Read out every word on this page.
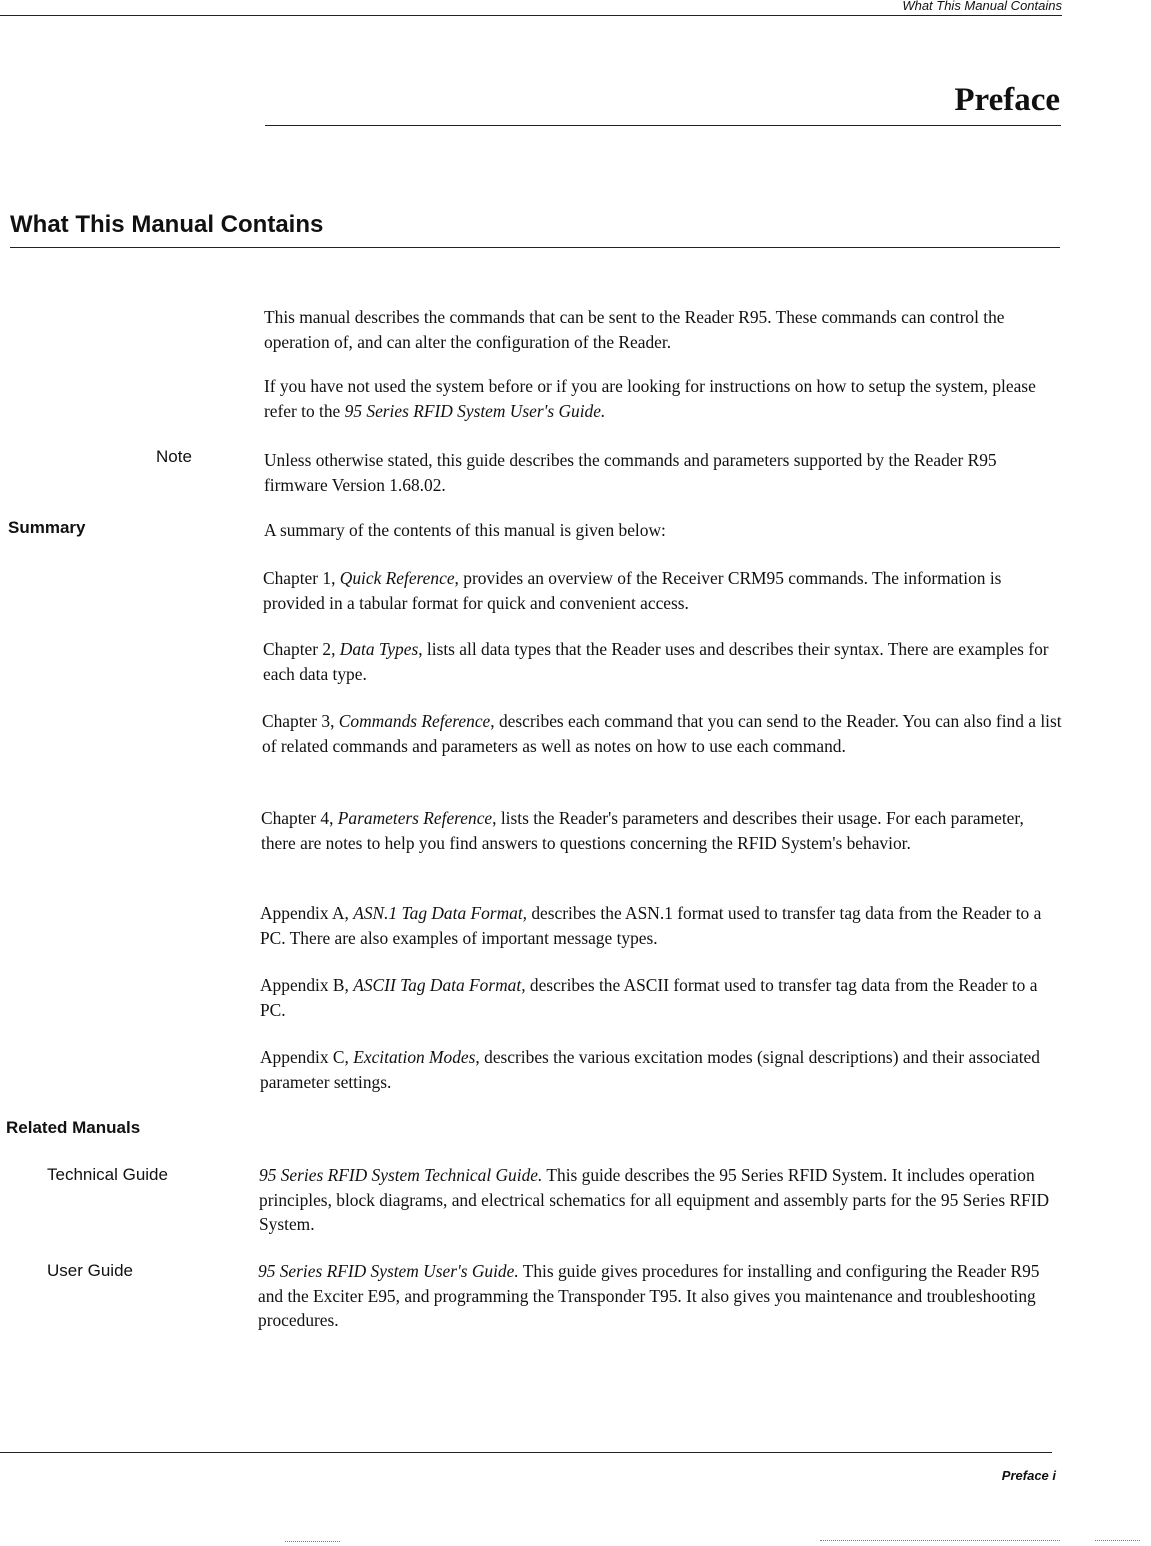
What This Manual Contains
Preface
What This Manual Contains
This manual describes the commands that can be sent to the Reader R95. These commands can control the operation of, and can alter the configuration of the Reader.
If you have not used the system before or if you are looking for instructions on how to setup the system, please refer to the 95 Series RFID System User's Guide.
Note	Unless otherwise stated, this guide describes the commands and parameters supported by the Reader R95 firmware Version 1.68.02.
Summary	A summary of the contents of this manual is given below:
Chapter 1, Quick Reference, provides an overview of the Receiver CRM95 commands. The information is provided in a tabular format for quick and convenient access.
Chapter 2, Data Types, lists all data types that the Reader uses and describes their syntax. There are examples for each data type.
Chapter 3, Commands Reference, describes each command that you can send to the Reader. You can also find a list of related commands and parameters as well as notes on how to use each command.
Chapter 4, Parameters Reference, lists the Reader's parameters and describes their usage. For each parameter, there are notes to help you find answers to questions concerning the RFID System's behavior.
Appendix A, ASN.1 Tag Data Format, describes the ASN.1 format used to transfer tag data from the Reader to a PC. There are also examples of important message types.
Appendix B, ASCII Tag Data Format, describes the ASCII format used to transfer tag data from the Reader to a PC.
Appendix C, Excitation Modes, describes the various excitation modes (signal descriptions) and their associated parameter settings.
Related Manuals
Technical Guide	95 Series RFID System Technical Guide. This guide describes the 95 Series RFID System. It includes operation principles, block diagrams, and electrical schematics for all equipment and assembly parts for the 95 Series RFID System.
User Guide	95 Series RFID System User's Guide. This guide gives procedures for installing and configuring the Reader R95 and the Exciter E95, and programming the Transponder T95. It also gives you maintenance and troubleshooting procedures.
Preface i
